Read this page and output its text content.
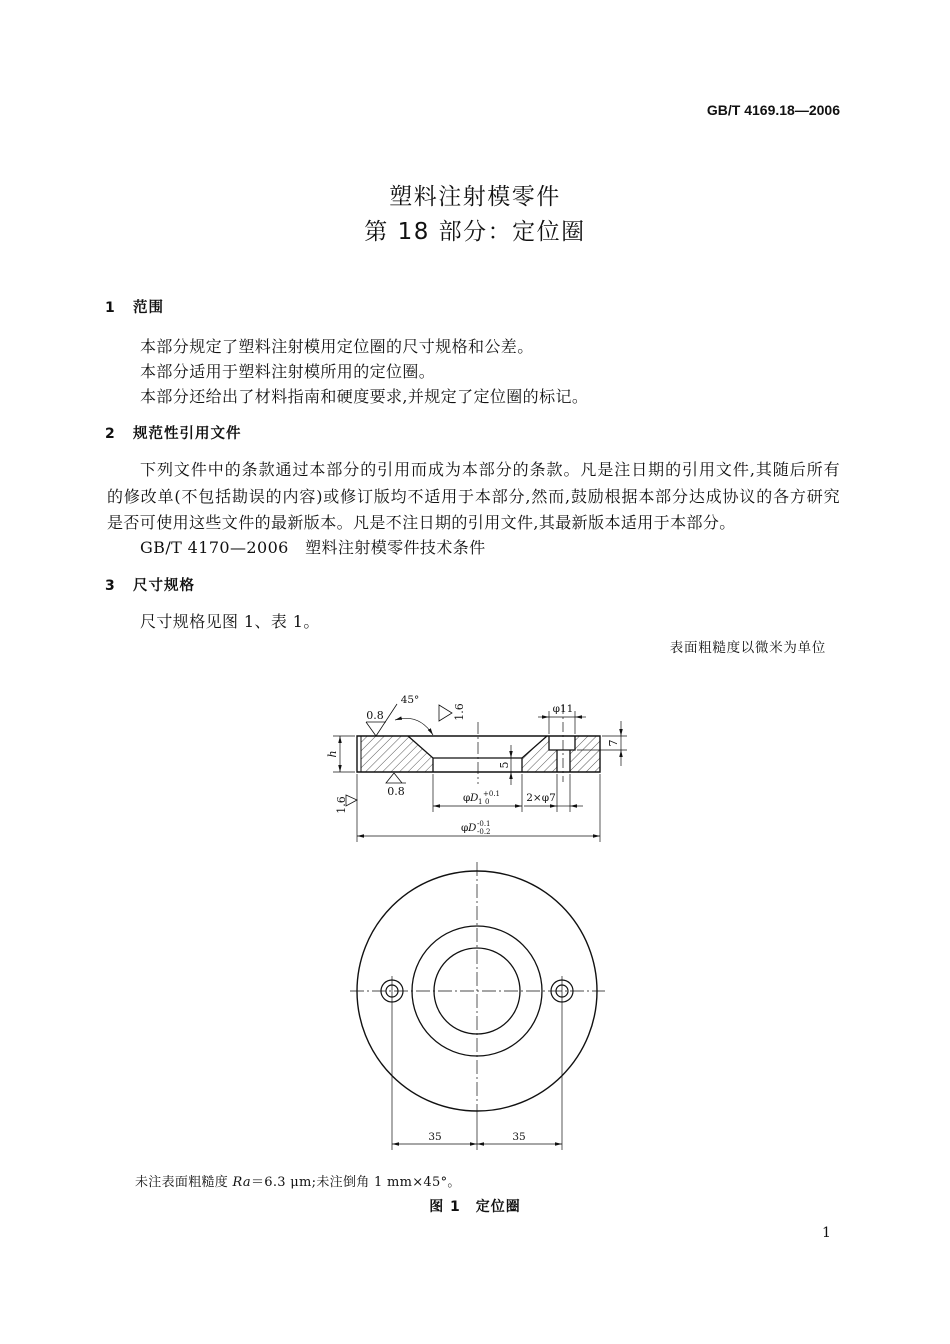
GB/T 4169.18—2006
塑料注射模零件
第 18 部分：定位圈
1 范围
本部分规定了塑料注射模用定位圈的尺寸规格和公差。
本部分适用于塑料注射模所用的定位圈。
本部分还给出了材料指南和硬度要求,并规定了定位圈的标记。
2 规范性引用文件
下列文件中的条款通过本部分的引用而成为本部分的条款。凡是注日期的引用文件,其随后所有
的修改单(不包括勘误的内容)或修订版均不适用于本部分,然而,鼓励根据本部分达成协议的各方研究
是否可使用这些文件的最新版本。凡是不注日期的引用文件,其最新版本适用于本部分。
GB/T 4170—2006　塑料注射模零件技术条件
3 尺寸规格
尺寸规格见图 1、表 1。
表面粗糙度以微米为单位
45°
0.8	1.6
0.8
1.6
h
7
5
φ11
φ D 1
+0.1
0	2×φ7
φ D -0.1
-0.2
35	35
未注表面粗糙度 Ra＝6.3 μm;未注倒角 1 mm×45°。
图 1　定位圈
1
